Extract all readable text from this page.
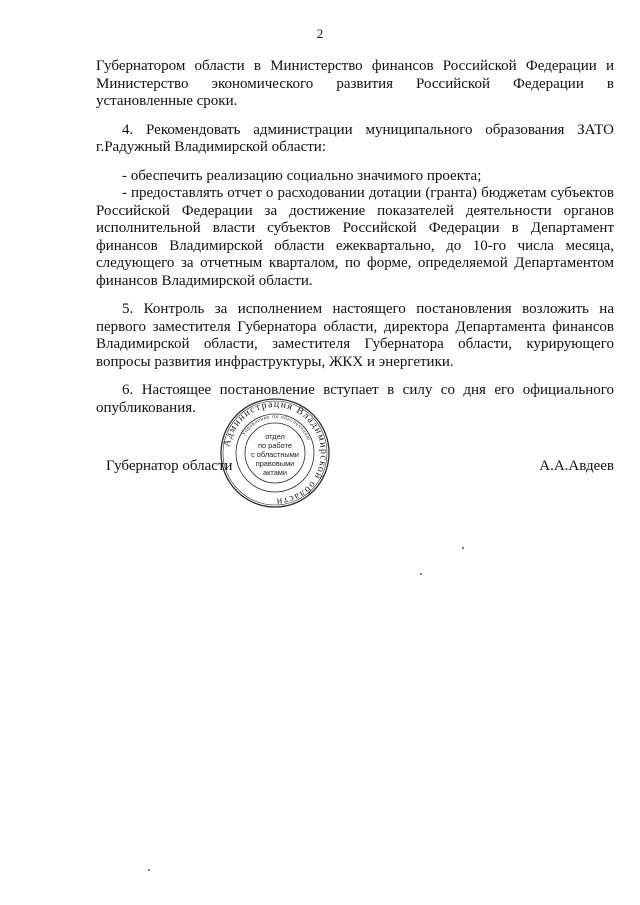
2

Губернатором области в Министерство финансов Российской Федерации и Министерство экономического развития Российской Федерации в установленные сроки.

4. Рекомендовать администрации муниципального образования ЗАТО г.Радужный Владимирской области:

- обеспечить реализацию социально значимого проекта;

- предоставлять отчет о расходовании дотации (гранта) бюджетам субъектов Российской Федерации за достижение показателей деятельности органов исполнительной власти субъектов Российской Федерации в Департамент финансов Владимирской области ежеквартально, до 10-го числа месяца, следующего за отчетным кварталом, по форме, определяемой Департаментом финансов Владимирской области.

5. Контроль за исполнением настоящего постановления возложить на первого заместителя Губернатора области, директора Департамента финансов Владимирской области, заместителя Губернатора области, курирующего вопросы развития инфраструктуры, ЖКХ и энергетики.

6. Настоящее постановление вступает в силу со дня его официального опубликования.

Губернатор области	А.А.Авдеев
Администрация Владимирской области
Управление по обеспечению
отдел
по работе
с областными
правовыми
актами
